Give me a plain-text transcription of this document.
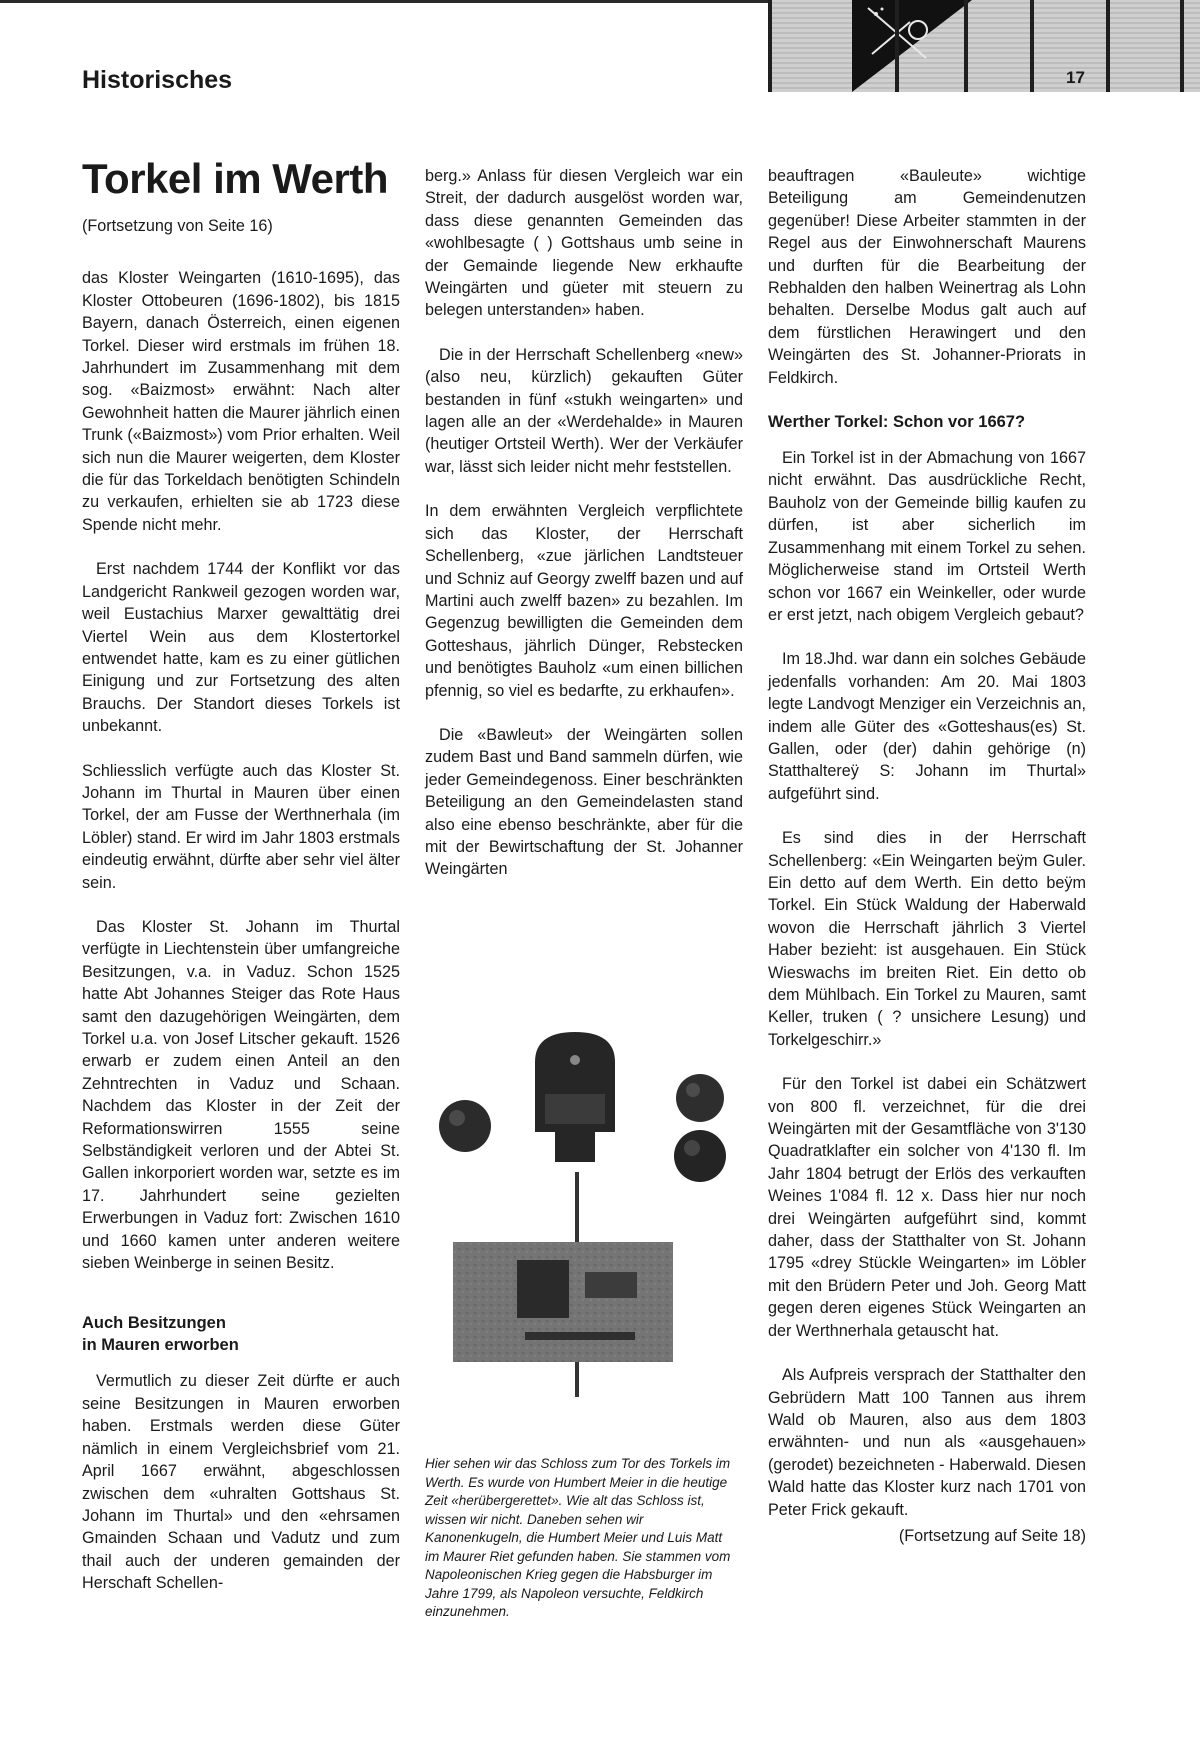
Historisches	17
Torkel im Werth

(Fortsetzung von Seite 16)

das Kloster Weingarten (1610-1695), das Kloster Ottobeuren (1696-1802), bis 1815 Bayern, danach Österreich, einen eigenen Torkel. Dieser wird erstmals im frühen 18. Jahrhundert im Zusammenhang mit dem sog. «Baizmost» erwähnt: Nach alter Gewohnheit hatten die Maurer jährlich einen Trunk («Baizmost») vom Prior erhalten. Weil sich nun die Maurer weigerten, dem Kloster die für das Torkeldach benötigten Schindeln zu verkaufen, erhielten sie ab 1723 diese Spende nicht mehr.

Erst nachdem 1744 der Konflikt vor das Landgericht Rankweil gezogen worden war, weil Eustachius Marxer gewalttätig drei Viertel Wein aus dem Klostertorkel entwendet hatte, kam es zu einer gütlichen Einigung und zur Fortsetzung des alten Brauchs. Der Standort dieses Torkels ist unbekannt.

Schliesslich verfügte auch das Kloster St. Johann im Thurtal in Mauren über einen Torkel, der am Fusse der Werthnerhala (im Löbler) stand. Er wird im Jahr 1803 erstmals eindeutig erwähnt, dürfte aber sehr viel älter sein.

Das Kloster St. Johann im Thurtal verfügte in Liechtenstein über umfangreiche Besitzungen, v.a. in Vaduz. Schon 1525 hatte Abt Johannes Steiger das Rote Haus samt den dazugehörigen Weingärten, dem Torkel u.a. von Josef Litscher gekauft. 1526 erwarb er zudem einen Anteil an den Zehntrechten in Vaduz und Schaan. Nachdem das Kloster in der Zeit der Reformationswirren 1555 seine Selbständigkeit verloren und der Abtei St. Gallen inkorporiert worden war, setzte es im 17. Jahrhundert seine gezielten Erwerbungen in Vaduz fort: Zwischen 1610 und 1660 kamen unter anderen weitere sieben Weinberge in seinen Besitz.

Auch Besitzungen in Mauren erworben

Vermutlich zu dieser Zeit dürfte er auch seine Besitzungen in Mauren erworben haben. Erstmals werden diese Güter nämlich in einem Vergleichsbrief vom 21. April 1667 erwähnt, abgeschlossen zwischen dem «uhralten Gottshaus St. Johann im Thurtal» und den «ehrsamen Gmainden Schaan und Vadutz und zum thail auch der underen gemainden der Herschaft Schellen-

berg.» Anlass für diesen Vergleich war ein Streit, der dadurch ausgelöst worden war, dass diese genannten Gemeinden das «wohlbesagte ( ) Gottshaus umb seine in der Gemainde liegende New erkhaufte Weingärten und güeter mit steuern zu belegen unterstanden» haben.

Die in der Herrschaft Schellenberg «new» (also neu, kürzlich) gekauften Güter bestanden in fünf «stukh weingarten» und lagen alle an der «Werdehalde» in Mauren (heutiger Ortsteil Werth). Wer der Verkäufer war, lässt sich leider nicht mehr feststellen.

In dem erwähnten Vergleich verpflichtete sich das Kloster, der Herrschaft Schellenberg, «zue järlichen Landtsteuer und Schniz auf Georgy zwelff bazen und auf Martini auch zwelff bazen» zu bezahlen. Im Gegenzug bewilligten die Gemeinden dem Gotteshaus, jährlich Dünger, Rebstecken und benötigtes Bauholz «um einen billichen pfennig, so viel es bedarfte, zu erkhaufen».

Die «Bawleut» der Weingärten sollen zudem Bast und Band sammeln dürfen, wie jeder Gemeindegenoss. Einer beschränkten Beteiligung an den Gemeindelasten stand also eine ebenso beschränkte, aber für die mit der Bewirtschaftung der St. Johanner Weingärten

Hier sehen wir das Schloss zum Tor des Torkels im Werth. Es wurde von Humbert Meier in die heutige Zeit «herübergerettet». Wie alt das Schloss ist, wissen wir nicht. Daneben sehen wir Kanonenkugeln, die Humbert Meier und Luis Matt im Maurer Riet gefunden haben. Sie stammen vom Napoleonischen Krieg gegen die Habsburger im Jahre 1799, als Napoleon versuchte, Feldkirch einzunehmen.

beauftragen «Bauleute» wichtige Beteiligung am Gemeindenutzen gegenüber! Diese Arbeiter stammten in der Regel aus der Einwohnerschaft Maurens und durften für die Bearbeitung der Rebhalden den halben Weinertrag als Lohn behalten. Derselbe Modus galt auch auf dem fürstlichen Herawingert und den Weingärten des St. Johanner-Priorats in Feldkirch.

Werther Torkel: Schon vor 1667?

Ein Torkel ist in der Abmachung von 1667 nicht erwähnt. Das ausdrückliche Recht, Bauholz von der Gemeinde billig kaufen zu dürfen, ist aber sicherlich im Zusammenhang mit einem Torkel zu sehen. Möglicherweise stand im Ortsteil Werth schon vor 1667 ein Weinkeller, oder wurde er erst jetzt, nach obigem Vergleich gebaut?

Im 18.Jhd. war dann ein solches Gebäude jedenfalls vorhanden: Am 20. Mai 1803 legte Landvogt Menziger ein Verzeichnis an, indem alle Güter des «Gotteshaus(es) St. Gallen, oder (der) dahin gehörige (n) Statthaltereÿ S: Johann im Thurtal» aufgeführt sind.

Es sind dies in der Herrschaft Schellenberg: «Ein Weingarten beÿm Guler. Ein detto auf dem Werth. Ein detto beÿm Torkel. Ein Stück Waldung der Haberwald wovon die Herrschaft jährlich 3 Viertel Haber bezieht: ist ausgehauen. Ein Stück Wieswachs im breiten Riet. Ein detto ob dem Mühlbach. Ein Torkel zu Mauren, samt Keller, truken ( ? unsichere Lesung) und Torkelgeschirr.»

Für den Torkel ist dabei ein Schätzwert von 800 fl. verzeichnet, für die drei Weingärten mit der Gesamtfläche von 3'130 Quadratklafter ein solcher von 4'130 fl. Im Jahr 1804 betrugt der Erlös des verkauften Weines 1'084 fl. 12 x. Dass hier nur noch drei Weingärten aufgeführt sind, kommt daher, dass der Statthalter von St. Johann 1795 «drey Stückle Weingarten» im Löbler mit den Brüdern Peter und Joh. Georg Matt gegen deren eigenes Stück Weingarten an der Werthnerhala getauscht hat.

Als Aufpreis versprach der Statthalter den Gebrüdern Matt 100 Tannen aus ihrem Wald ob Mauren, also aus dem 1803 erwähnten- und nun als «ausgehauen» (gerodet) bezeichneten - Haberwald. Diesen Wald hatte das Kloster kurz nach 1701 von Peter Frick gekauft.

(Fortsetzung auf Seite 18)
